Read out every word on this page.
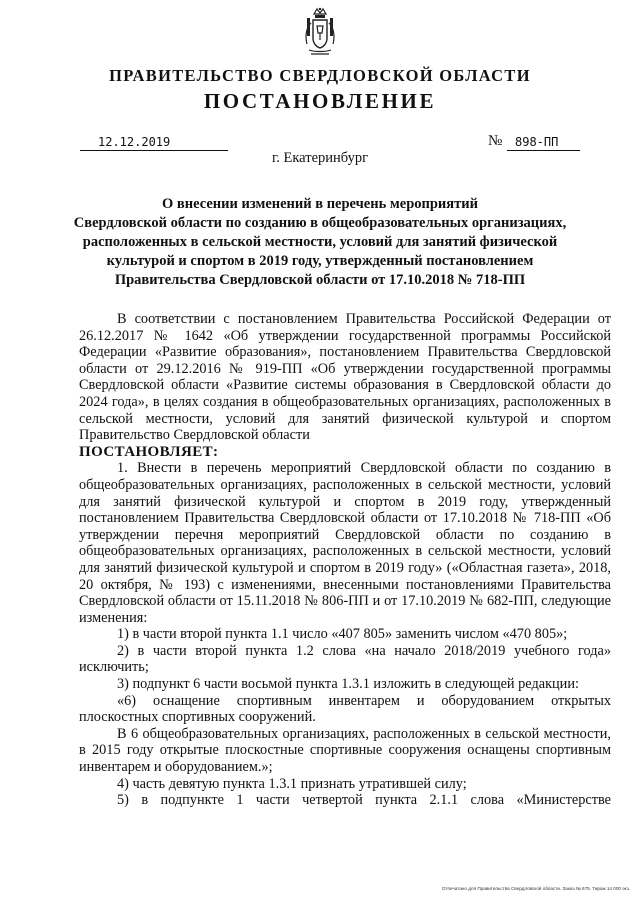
ПРАВИТЕЛЬСТВО СВЕРДЛОВСКОЙ ОБЛАСТИ
ПОСТАНОВЛЕНИЕ
12.12.2019	№	898-ПП
г. Екатеринбург
О внесении изменений в перечень мероприятий
Свердловской области по созданию в общеобразовательных организациях,
расположенных в сельской местности, условий для занятий физической
культурой и спортом в 2019 году, утвержденный постановлением
Правительства Свердловской области от 17.10.2018 № 718-ПП

В соответствии с постановлением Правительства Российской Федерации от 26.12.2017 № 1642 «Об утверждении государственной программы Российской Федерации «Развитие образования», постановлением Правительства Свердловской области от 29.12.2016 № 919-ПП «Об утверждении государственной программы Свердловской области «Развитие системы образования в Свердловской области до 2024 года», в целях создания в общеобразовательных организациях, расположенных в сельской местности, условий для занятий физической культурой и спортом Правительство Свердловской области

ПОСТАНОВЛЯЕТ:

1. Внести в перечень мероприятий Свердловской области по созданию в общеобразовательных организациях, расположенных в сельской местности, условий для занятий физической культурой и спортом в 2019 году, утвержденный постановлением Правительства Свердловской области от 17.10.2018 № 718-ПП «Об утверждении перечня мероприятий Свердловской области по созданию в общеобразовательных организациях, расположенных в сельской местности, условий для занятий физической культурой и спортом в 2019 году» («Областная газета», 2018, 20 октября, № 193) с изменениями, внесенными постановлениями Правительства Свердловской области от 15.11.2018 № 806-ПП и от 17.10.2019 № 682-ПП, следующие изменения:

1) в части второй пункта 1.1 число «407 805» заменить числом «470 805»;

2) в части второй пункта 1.2 слова «на начало 2018/2019 учебного года» исключить;

3) подпункт 6 части восьмой пункта 1.3.1 изложить в следующей редакции:

«6) оснащение спортивным инвентарем и оборудованием открытых плоскостных спортивных сооружений.

В 6 общеобразовательных организациях, расположенных в сельской местности, в 2015 году открытые плоскостные спортивные сооружения оснащены спортивным инвентарем и оборудованием.»;

4) часть девятую пункта 1.3.1 признать утратившей силу;

5) в подпункте 1 части четвертой пункта 2.1.1 слова «Министерстве

Отпечатано для Правительства Свердловской области. Заказ № 675. Тираж 14 000 экз.
